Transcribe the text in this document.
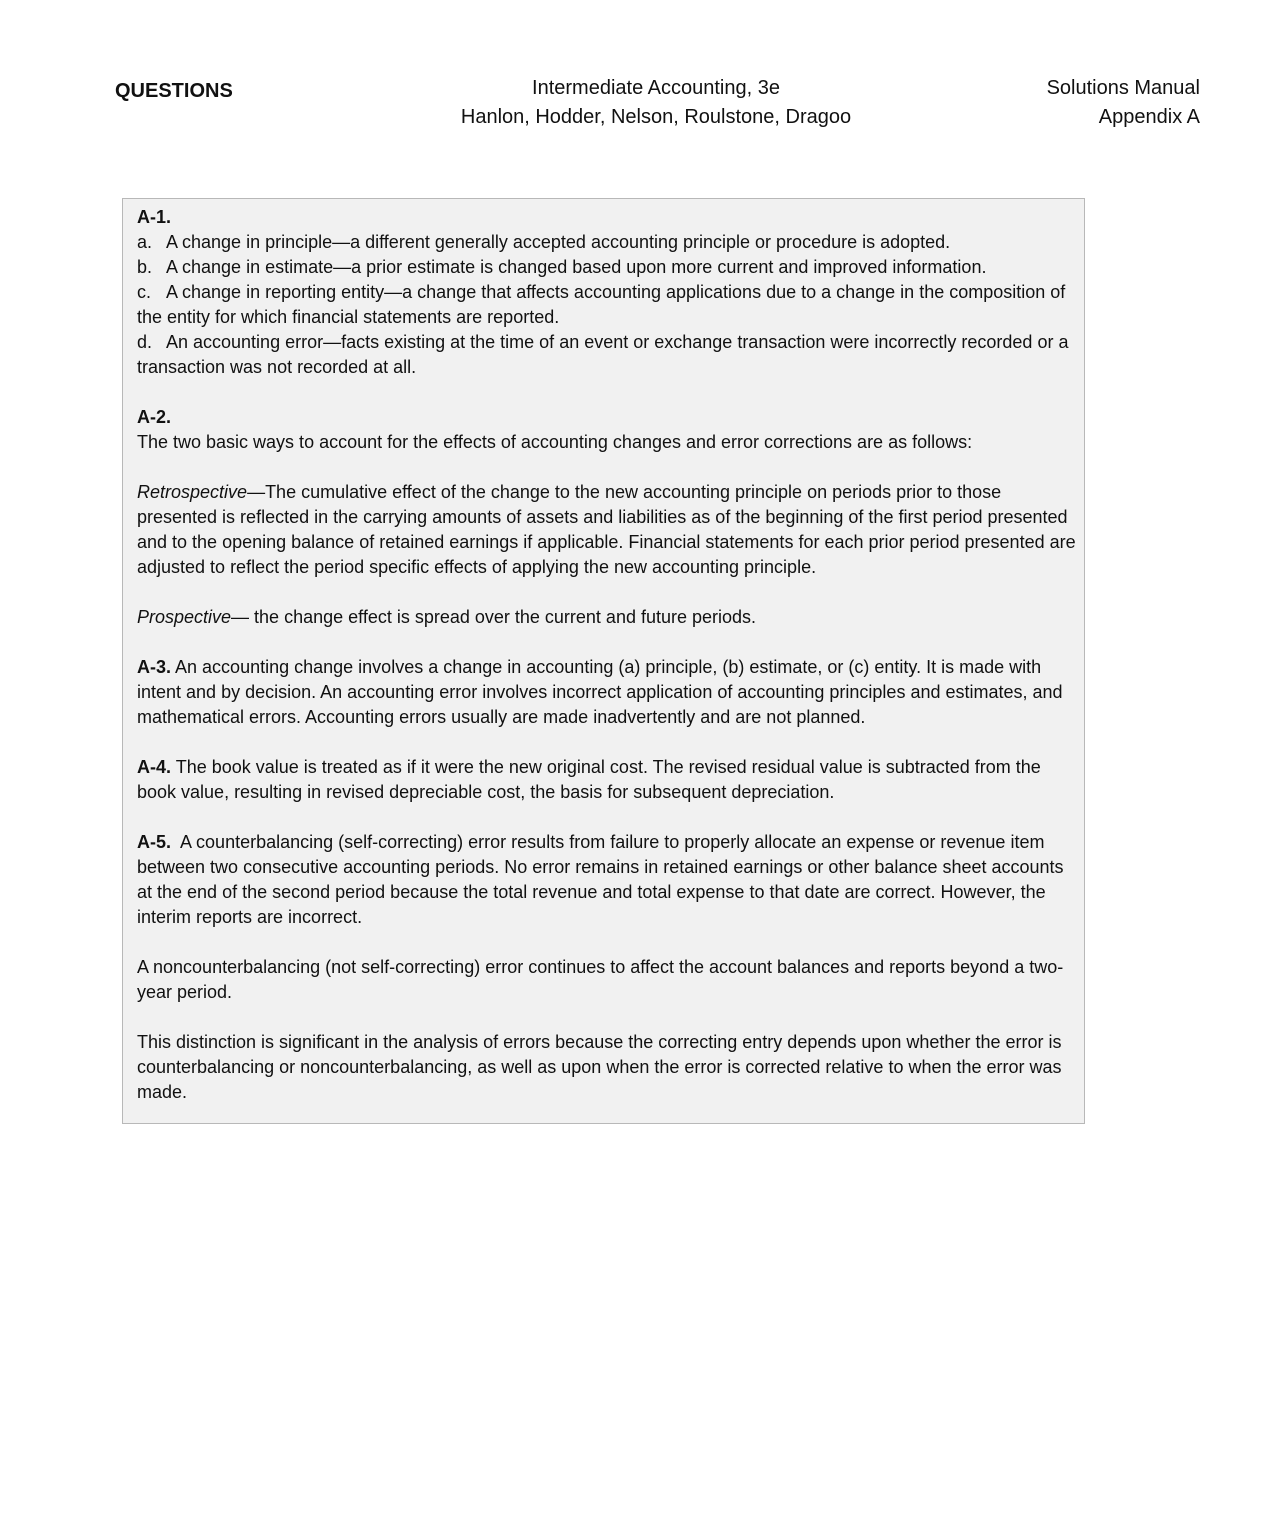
QUESTIONS	Intermediate Accounting, 3e
Hanlon, Hodder, Nelson, Roulstone, Dragoo
Solutions Manual
Appendix A

A-1.

a. A change in principle—a different generally accepted accounting principle or procedure is adopted.

b. A change in estimate—a prior estimate is changed based upon more current and improved information.

c. A change in reporting entity—a change that affects accounting applications due to a change in the composition of the entity for which financial statements are reported.

d. An accounting error—facts existing at the time of an event or exchange transaction were incorrectly recorded or a transaction was not recorded at all.

A-2.

The two basic ways to account for the effects of accounting changes and error corrections are as follows:

Retrospective—The cumulative effect of the change to the new accounting principle on periods prior to those presented is reflected in the carrying amounts of assets and liabilities as of the beginning of the first period presented and to the opening balance of retained earnings if applicable. Financial statements for each prior period presented are adjusted to reflect the period specific effects of applying the new accounting principle.

Prospective— the change effect is spread over the current and future periods.

A-3. An accounting change involves a change in accounting (a) principle, (b) estimate, or (c) entity. It is made with intent and by decision. An accounting error involves incorrect application of accounting principles and estimates, and mathematical errors. Accounting errors usually are made inadvertently and are not planned.

A-4. The book value is treated as if it were the new original cost. The revised residual value is subtracted from the book value, resulting in revised depreciable cost, the basis for subsequent depreciation.

A-5. A counterbalancing (self-correcting) error results from failure to properly allocate an expense or revenue item between two consecutive accounting periods. No error remains in retained earnings or other balance sheet accounts at the end of the second period because the total revenue and total expense to that date are correct. However, the interim reports are incorrect.

A noncounterbalancing (not self-correcting) error continues to affect the account balances and reports beyond a two-year period.

This distinction is significant in the analysis of errors because the correcting entry depends upon whether the error is counterbalancing or noncounterbalancing, as well as upon when the error is corrected relative to when the error was made.
